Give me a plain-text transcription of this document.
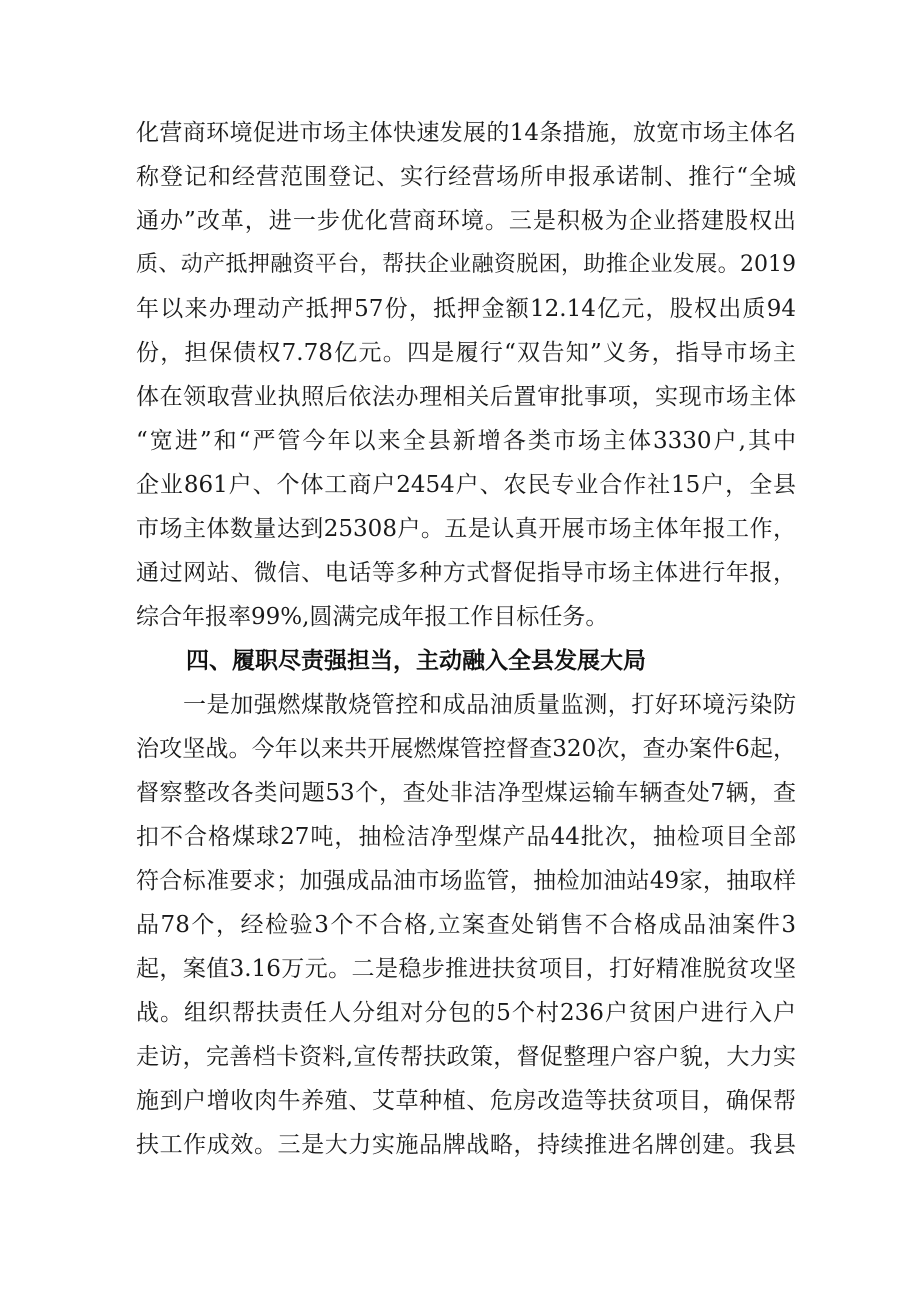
化营商环境促进市场主体快速发展的14条措施，放宽市场主体名
称登记和经营范围登记、实行经营场所申报承诺制、推行“全城
通办”改革，进一步优化营商环境。三是积极为企业搭建股权出
质、动产抵押融资平台，帮扶企业融资脱困，助推企业发展。2019
年以来办理动产抵押57份，抵押金额12.14亿元，股权出质94
份，担保债权7.78亿元。四是履行“双告知”义务，指导市场主
体在领取营业执照后依法办理相关后置审批事项，实现市场主体
“宽进”和“严管今年以来全县新增各类市场主体3330户,其中
企业861户、个体工商户2454户、农民专业合作社15户，全县
市场主体数量达到25308户。五是认真开展市场主体年报工作，
通过网站、微信、电话等多种方式督促指导市场主体进行年报，
综合年报率99%,圆满完成年报工作目标任务。
四、履职尽责强担当，主动融入全县发展大局
一是加强燃煤散烧管控和成品油质量监测，打好环境污染防
治攻坚战。今年以来共开展燃煤管控督查320次，查办案件6起，
督察整改各类问题53个，查处非洁净型煤运输车辆查处7辆，查
扣不合格煤球27吨，抽检洁净型煤产品44批次，抽检项目全部
符合标准要求；加强成品油市场监管，抽检加油站49家，抽取样
品78个，经检验3个不合格,立案查处销售不合格成品油案件3
起，案值3.16万元。二是稳步推进扶贫项目，打好精准脱贫攻坚
战。组织帮扶责任人分组对分包的5个村236户贫困户进行入户
走访，完善档卡资料,宣传帮扶政策，督促整理户容户貌，大力实
施到户增收肉牛养殖、艾草种植、危房改造等扶贫项目，确保帮
扶工作成效。三是大力实施品牌战略，持续推进名牌创建。我县
